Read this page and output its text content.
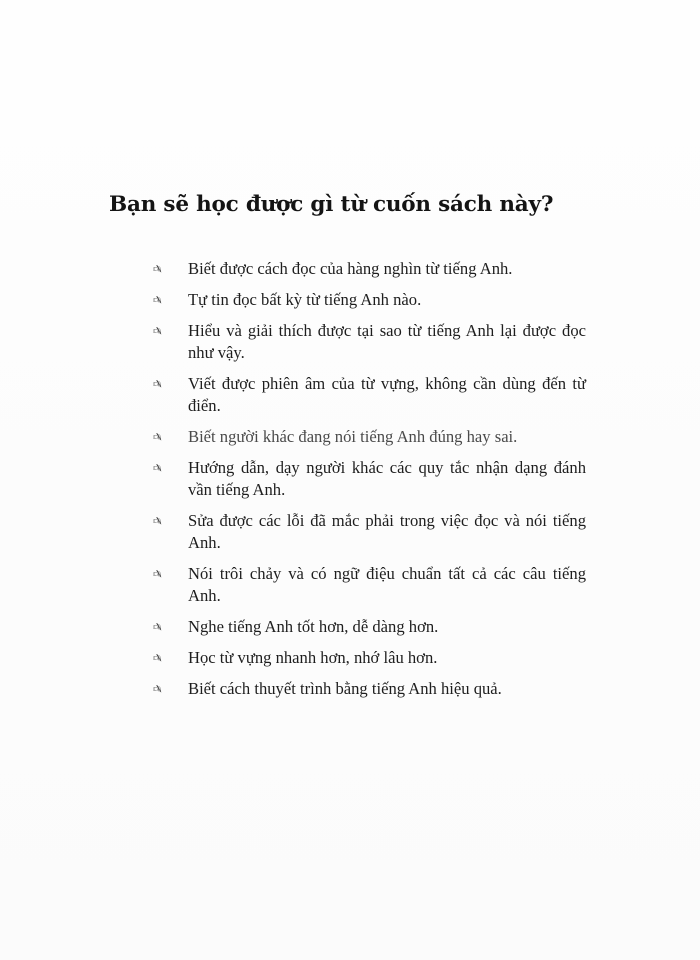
Bạn sẽ học được gì từ cuốn sách này?
✍ Biết được cách đọc của hàng nghìn từ tiếng Anh.
✍ Tự tin đọc bất kỳ từ tiếng Anh nào.
✍ Hiểu và giải thích được tại sao từ tiếng Anh lại được đọc như vậy.
✍ Viết được phiên âm của từ vựng, không cần dùng đến từ điển.
✍ Biết người khác đang nói tiếng Anh đúng hay sai.
✍ Hướng dẫn, dạy người khác các quy tắc nhận dạng đánh vần tiếng Anh.
✍ Sửa được các lỗi đã mắc phải trong việc đọc và nói tiếng Anh.
✍ Nói trôi chảy và có ngữ điệu chuẩn tất cả các câu tiếng Anh.
✍ Nghe tiếng Anh tốt hơn, dễ dàng hơn.
✍ Học từ vựng nhanh hơn, nhớ lâu hơn.
✍ Biết cách thuyết trình bằng tiếng Anh hiệu quả.
